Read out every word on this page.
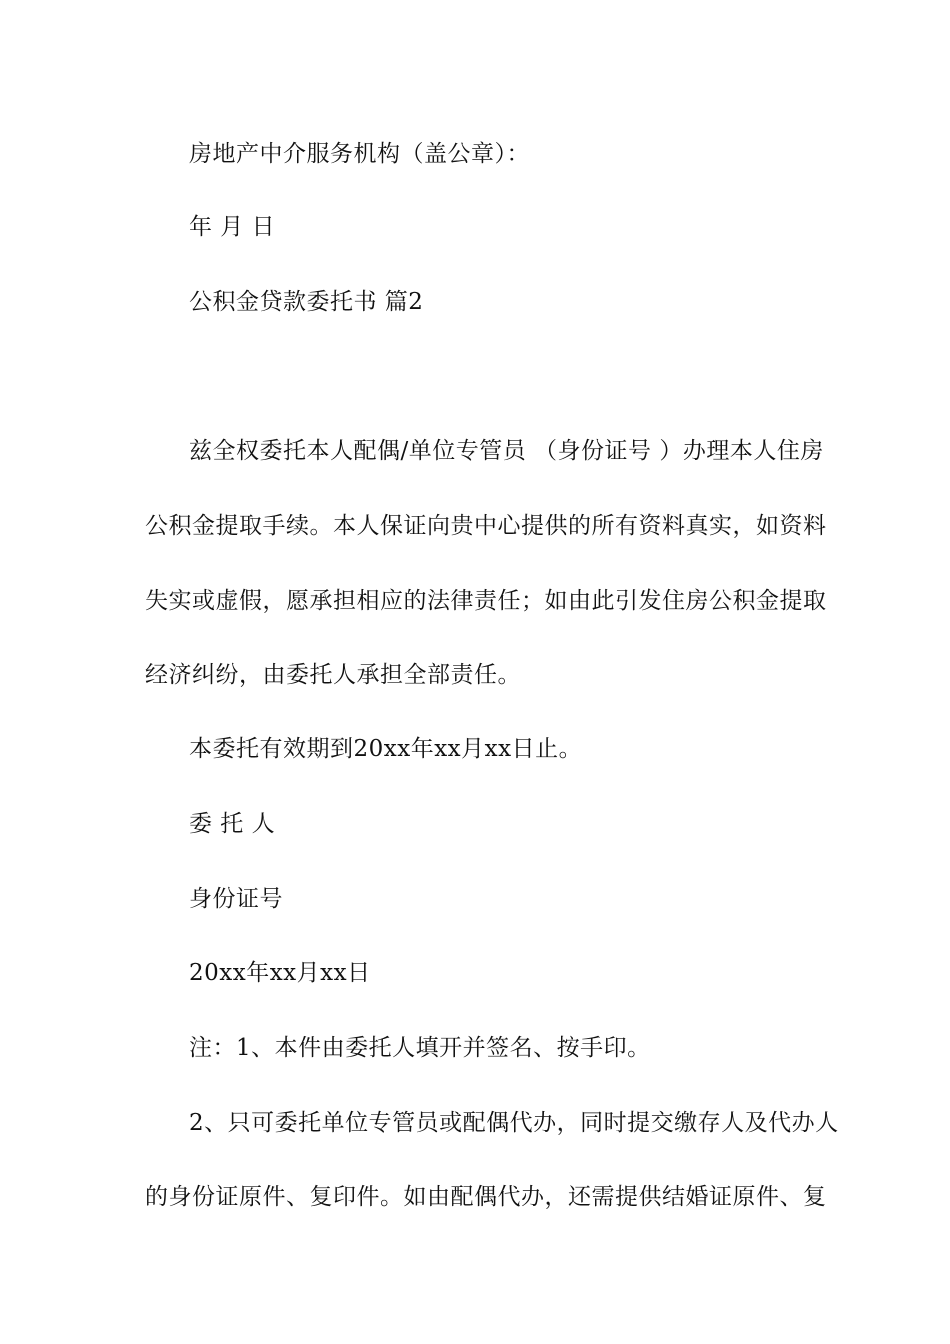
房地产中介服务机构（盖公章）：
年 月 日
公积金贷款委托书 篇2
兹全权委托本人配偶/单位专管员 （身份证号 ）办理本人住房
公积金提取手续。本人保证向贵中心提供的所有资料真实，如资料
失实或虚假，愿承担相应的法律责任；如由此引发住房公积金提取
经济纠纷，由委托人承担全部责任。
本委托有效期到20xx年xx月xx日止。
委 托 人
身份证号
20xx年xx月xx日
注：1、本件由委托人填开并签名、按手印。
2、只可委托单位专管员或配偶代办，同时提交缴存人及代办人
的身份证原件、复印件。如由配偶代办，还需提供结婚证原件、复
